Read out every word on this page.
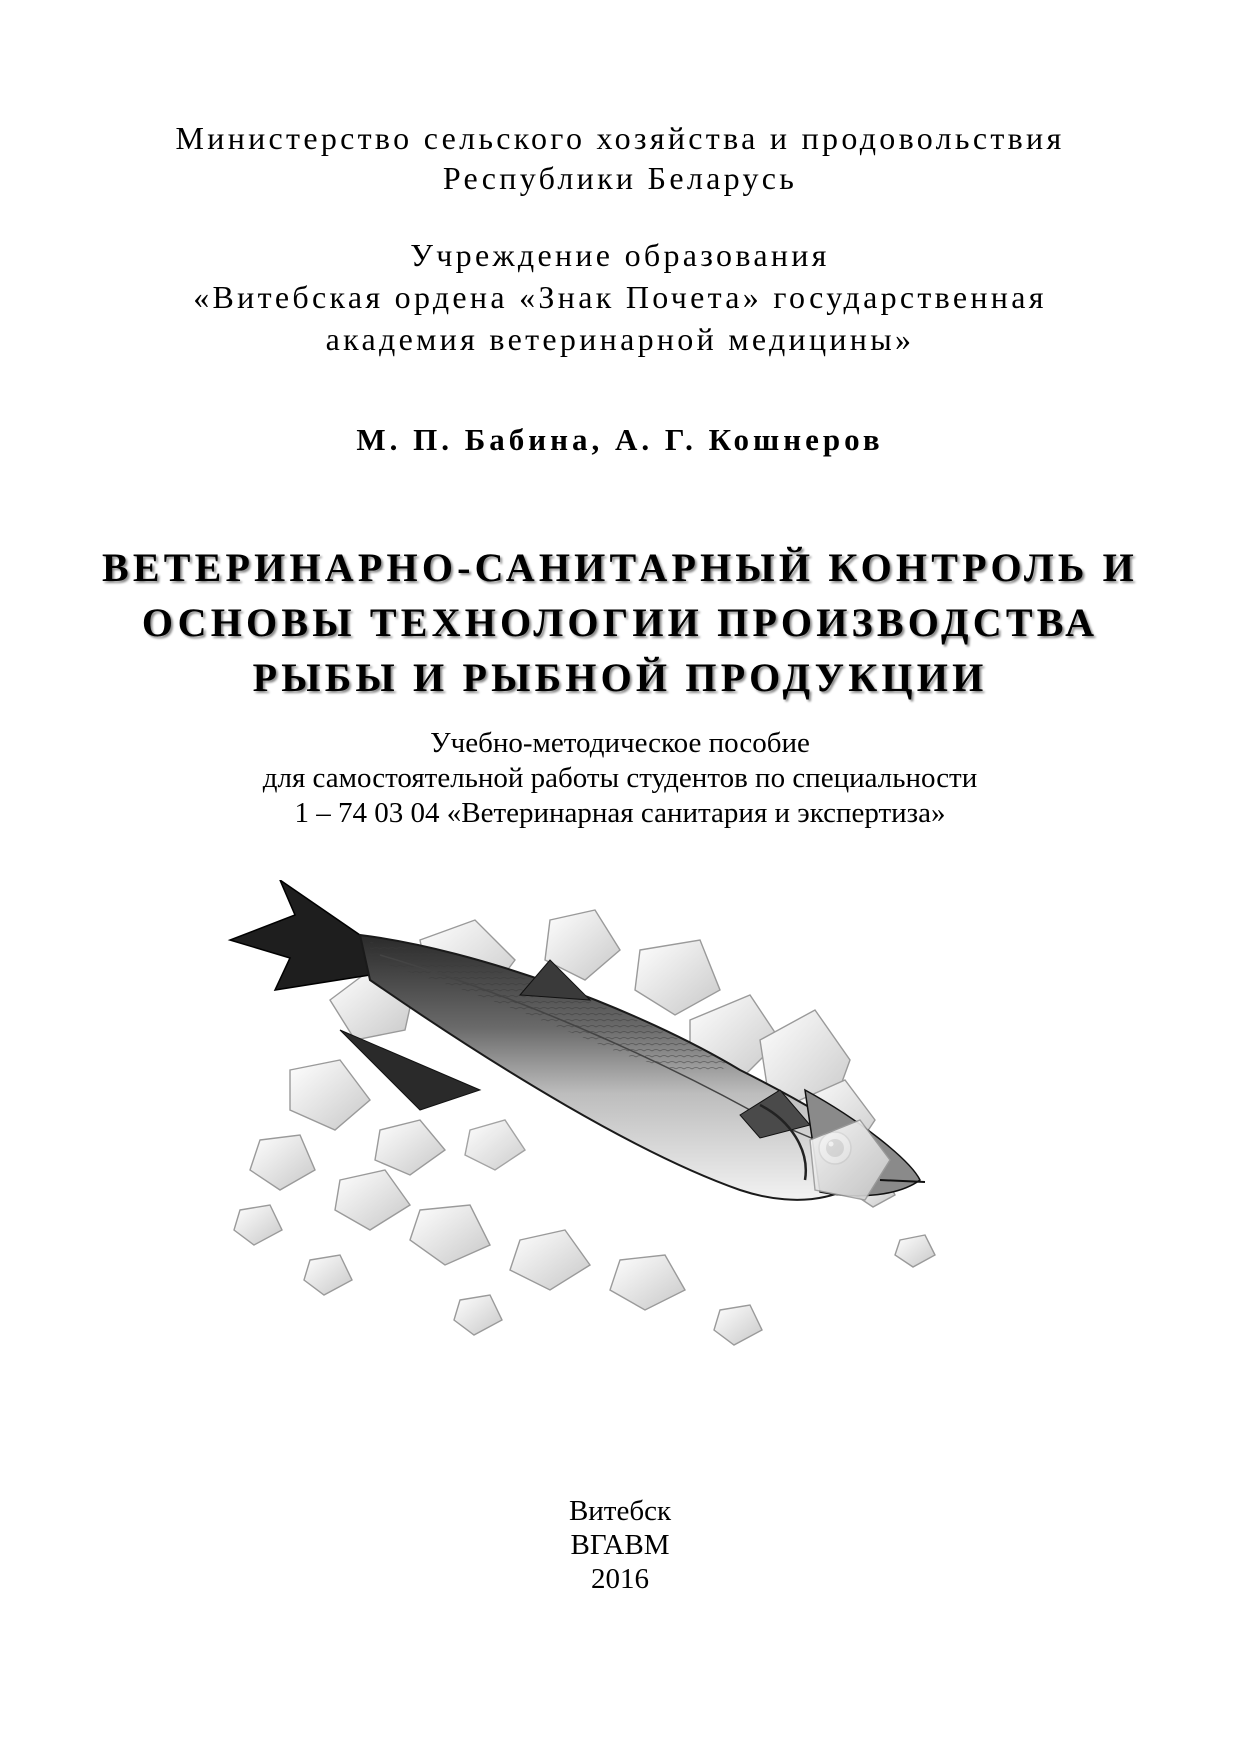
Министерство сельского хозяйства и продовольствия
Республики Беларусь
Учреждение образования
«Витебская ордена «Знак Почета» государственная
академия ветеринарной медицины»
М. П. Бабина, А. Г. Кошнеров
ВЕТЕРИНАРНО-САНИТАРНЫЙ КОНТРОЛЬ И
ОСНОВЫ ТЕХНОЛОГИИ ПРОИЗВОДСТВА
РЫБЫ И РЫБНОЙ ПРОДУКЦИИ
Учебно-методическое пособие
для самостоятельной работы студентов по специальности
1 – 74 03 04 «Ветеринарная санитария и экспертиза»
Витебск
ВГАВМ
2016
